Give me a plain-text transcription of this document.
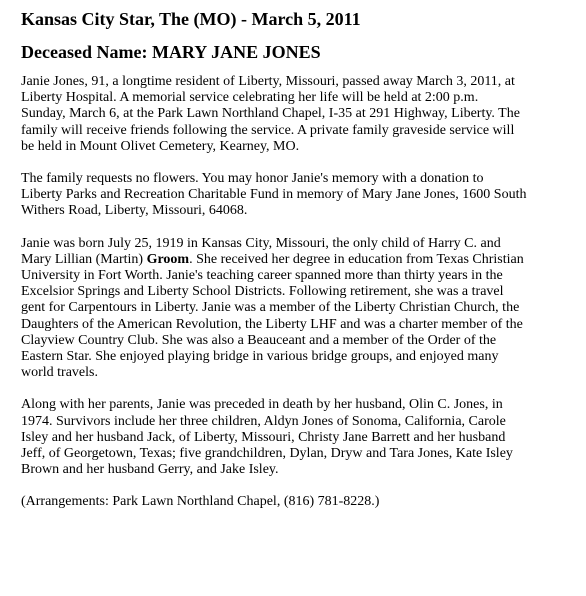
Kansas City Star, The (MO) - March 5, 2011
Deceased Name: MARY JANE JONES

Janie Jones, 91, a longtime resident of Liberty, Missouri, passed away March 3, 2011, at
Liberty Hospital. A memorial service celebrating her life will be held at 2:00 p.m.
Sunday, March 6, at the Park Lawn Northland Chapel, I-35 at 291 Highway, Liberty. The
family will receive friends following the service. A private family graveside service will
be held in Mount Olivet Cemetery, Kearney, MO.

The family requests no flowers. You may honor Janie's memory with a donation to
Liberty Parks and Recreation Charitable Fund in memory of Mary Jane Jones, 1600 South
Withers Road, Liberty, Missouri, 64068.

Janie was born July 25, 1919 in Kansas City, Missouri, the only child of Harry C. and
Mary Lillian (Martin) Groom. She received her degree in education from Texas Christian
University in Fort Worth. Janie's teaching career spanned more than thirty years in the
Excelsior Springs and Liberty School Districts. Following retirement, she was a travel
gent for Carpentours in Liberty. Janie was a member of the Liberty Christian Church, the
Daughters of the American Revolution, the Liberty LHF and was a charter member of the
Clayview Country Club. She was also a Beauceant and a member of the Order of the
Eastern Star. She enjoyed playing bridge in various bridge groups, and enjoyed many
world travels.

Along with her parents, Janie was preceded in death by her husband, Olin C. Jones, in
1974. Survivors include her three children, Aldyn Jones of Sonoma, California, Carole
Isley and her husband Jack, of Liberty, Missouri, Christy Jane Barrett and her husband
Jeff, of Georgetown, Texas; five grandchildren, Dylan, Dryw and Tara Jones, Kate Isley
Brown and her husband Gerry, and Jake Isley.

(Arrangements: Park Lawn Northland Chapel, (816) 781-8228.)
